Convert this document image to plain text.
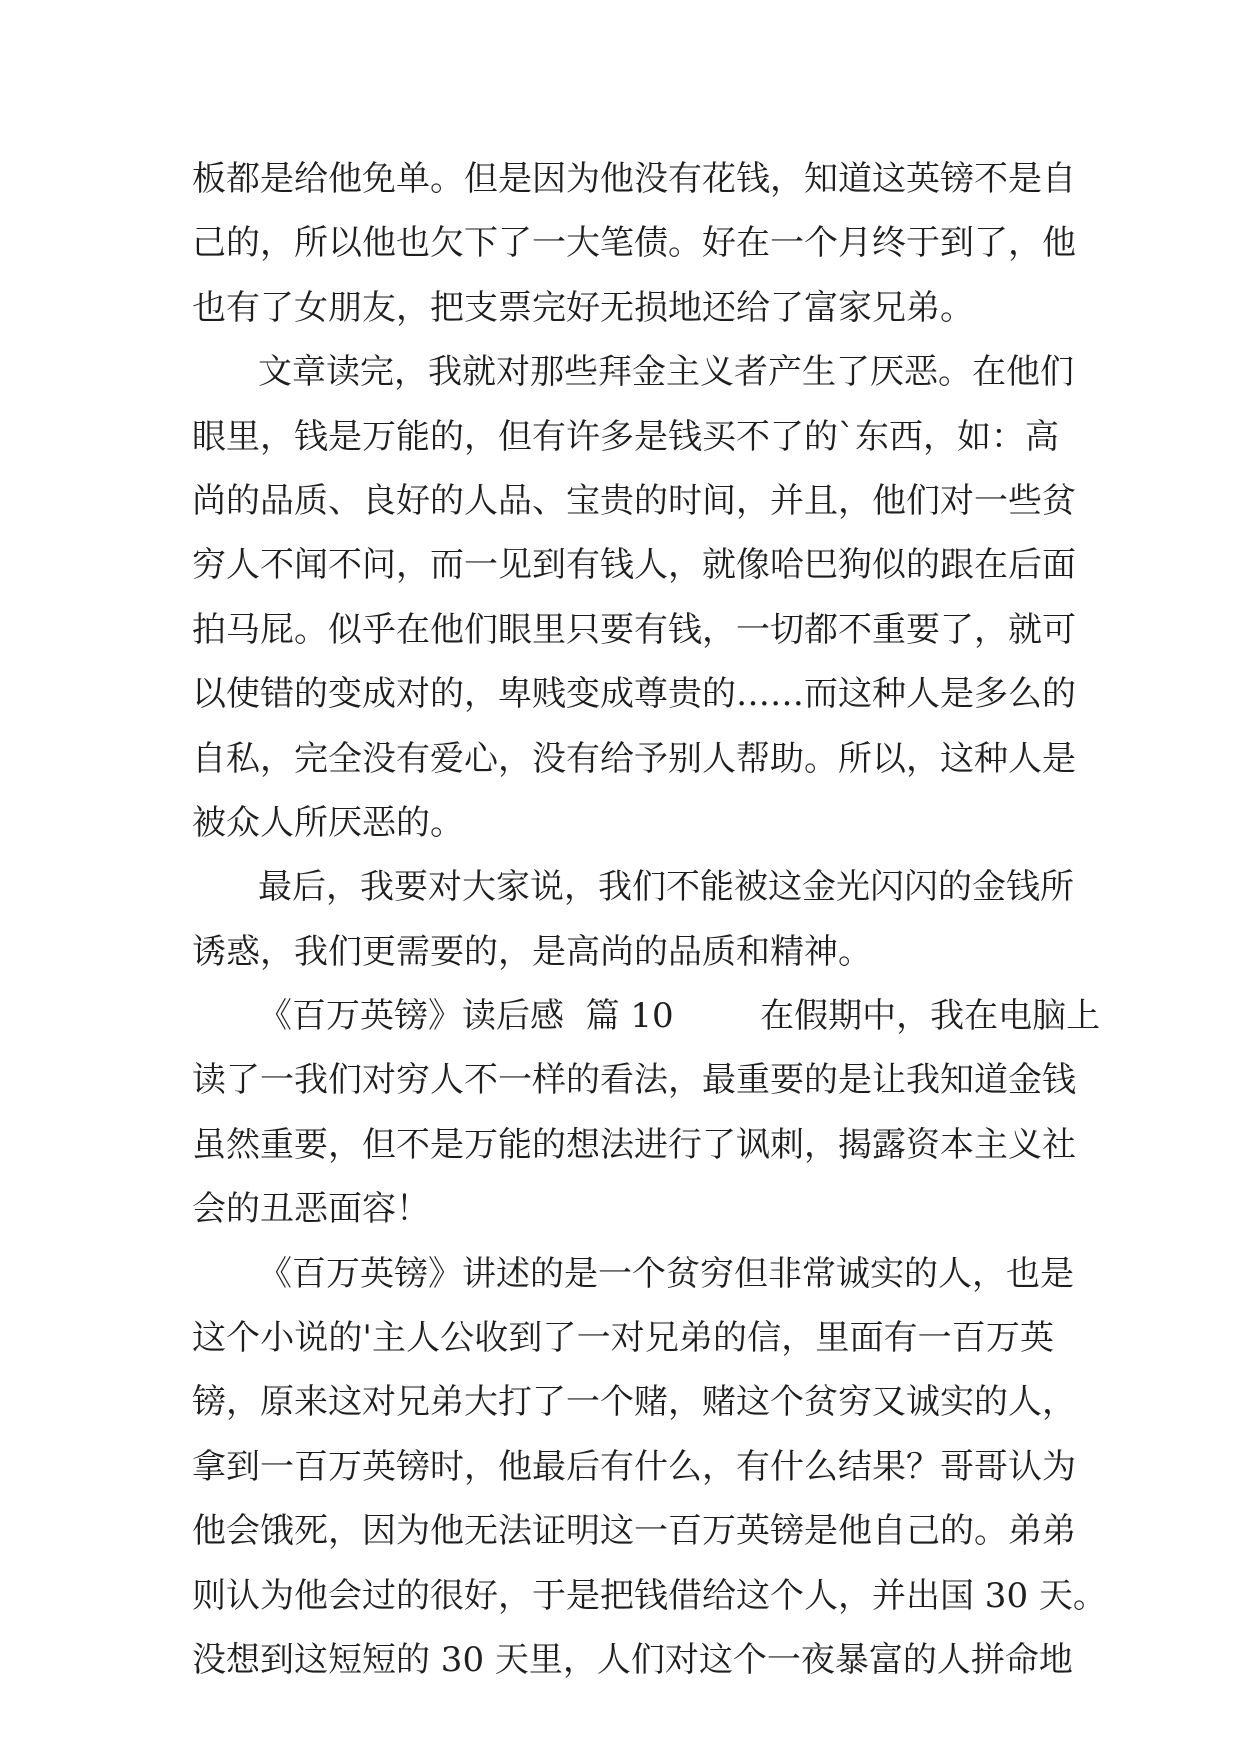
板都是给他免单。但是因为他没有花钱，知道这英镑不是自
己的，所以他也欠下了一大笔债。好在一个月终于到了，他
也有了女朋友，把支票完好无损地还给了富家兄弟。
文章读完，我就对那些拜金主义者产生了厌恶。在他们
眼里，钱是万能的，但有许多是钱买不了的`东西，如：高
尚的品质、良好的人品、宝贵的时间，并且，他们对一些贫
穷人不闻不问，而一见到有钱人，就像哈巴狗似的跟在后面
拍马屁。似乎在他们眼里只要有钱，一切都不重要了，就可
以使错的变成对的，卑贱变成尊贵的……而这种人是多么的
自私，完全没有爱心，没有给予别人帮助。所以，这种人是
被众人所厌恶的。
最后，我要对大家说，我们不能被这金光闪闪的金钱所
诱惑，我们更需要的，是高尚的品质和精神。
《百万英镑》读后感  篇 10        在假期中，我在电脑上
读了一我们对穷人不一样的看法，最重要的是让我知道金钱
虽然重要，但不是万能的想法进行了讽刺，揭露资本主义社
会的丑恶面容！
《百万英镑》讲述的是一个贫穷但非常诚实的人，也是
这个小说的'主人公收到了一对兄弟的信，里面有一百万英
镑，原来这对兄弟大打了一个赌，赌这个贫穷又诚实的人，
拿到一百万英镑时，他最后有什么，有什么结果？哥哥认为
他会饿死，因为他无法证明这一百万英镑是他自己的。弟弟
则认为他会过的很好，于是把钱借给这个人，并出国 30 天。
没想到这短短的 30 天里，人们对这个一夜暴富的人拼命地
